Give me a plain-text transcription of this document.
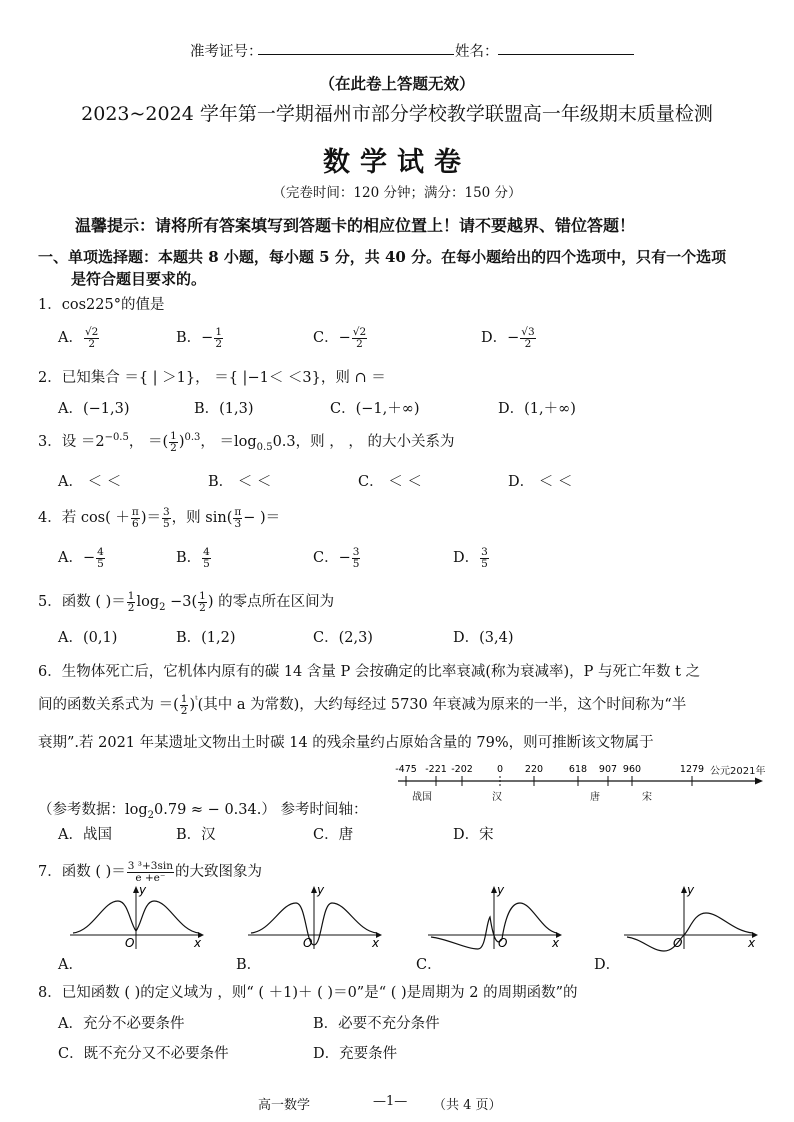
准考证号：	姓名：
（在此卷上答题无效）
2023~2024 学年第一学期福州市部分学校教学联盟高一年级期末质量检测
数学试卷
（完卷时间：120 分钟；满分：150 分）
温馨提示：请将所有答案填写到答题卡的相应位置上！请不要越界、错位答题！
一、单项选择题：本题共 8 小题，每小题 5 分，共 40 分。在每小题给出的四个选项中，只有一个选项
是符合题目要求的。
1．cos225°的值是
A． $\frac{√2}{2}$	B．− $\frac{1}{2}$	C．− $\frac{√2}{2}$	D．− $\frac{√3}{2}$
2．已知集合 ＝{ | ＞1}， ＝{ |−1＜ ＜3}，则 ∩ ＝
A．(−1,3)	B．(1,3)	C．(−1,＋∞)	D．(1,＋∞)
3．设 $=2^{-0.5}$， ＝( $\frac{1}{2} )^{0.3}$， $=\log_{0.5}0.3$，则 ， ， 的大小关系为
A． ＜ ＜	B． ＜ ＜	C． ＜ ＜	D． ＜ ＜
4．若 $\cos( + \frac{\pi}{6}$ )＝ $\frac{3}{5}$ ，则 $\sin( \frac{\pi}{3}$ − )＝
A．− $\frac{4}{5}$	B． $\frac{4}{5}$	C．− $\frac{3}{5}$	D． $\frac{3}{5}$
5．函数 ( )＝ $\frac{1}{2} \log_2 -3( \frac{1}{2}$ ) 的零点所在区间为
A．(0,1)	B．(1,2)	C．(2,3)	D．(3,4)
6．生物体死亡后，它机体内原有的碳 14 含量 P 会按确定的比率衰减(称为衰减率)，P 与死亡年数 t 之
间的函数关系式为 ＝( $\frac{1}{2} )^ᵗ$(其中 a 为常数)，大约每经过 5730 年衰减为原来的一半，这个时间称为“半
衰期”.若 2021 年某遗址文物出土时碳 14 的残余量约占原始含量的 79%，则可推断该文物属于
-475 -221 -202	0 220	618 907 960	1279 公元2021年
战国	汉	唐	宋
（参考数据：$\log_20.79$ ≈ − 0.34.） 参考时间轴：
A．战国	B．汉	C．唐	D．宋
7．函数 ( )＝ $\frac{\text{3 ³+3sin}}{e +e^-}$ 的大致图象为
y
x
O
A．
y
x
O
B．
y
x
O
C．
y
x
O
D．
8．已知函数 ( )的定义域为 ，则“ ( ＋1)＋ ( )＝0”是“ ( )是周期为 2 的周期函数”的
A．充分不必要条件	B．必要不充分条件
C．既不充分又不必要条件	D．充要条件
高一数学	—1— （共 4 页）
